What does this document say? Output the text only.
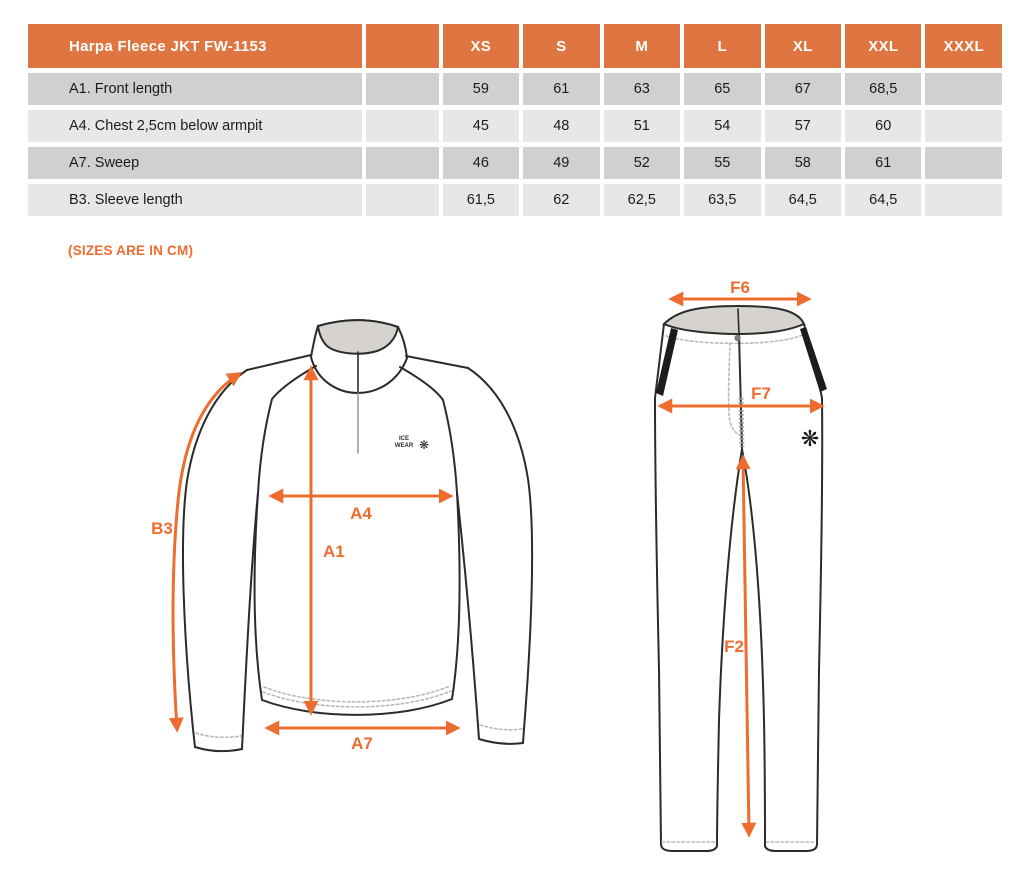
Harpa Fleece JKT FW-1153		XS	S	M	L	XL	XXL	XXXL
A1. Front length		59	61	63	65	67	68,5	
A4. Chest 2,5cm below armpit		45	48	51	54	57	60	
A7. Sweep		46	49	52	55	58	61	
B3. Sleeve length		61,5	62	62,5	63,5	64,5	64,5	
(SIZES ARE IN CM)
ICE
WEAR ❋
B3
A1
A4
A7
❋
F6
F7
F2
